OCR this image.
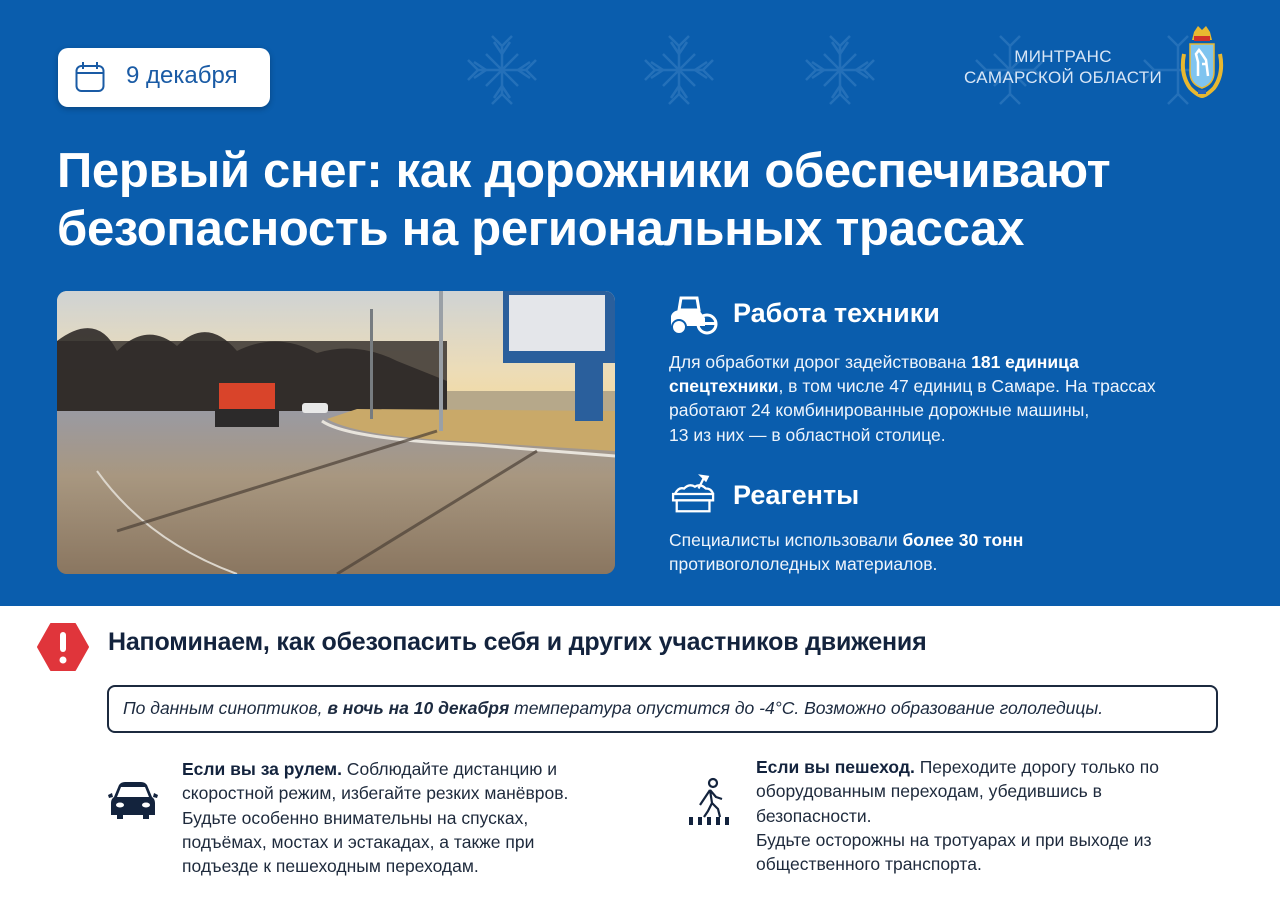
9 декабря
МИНТРАНС
САМАРСКОЙ ОБЛАСТИ
Первый снег: как дорожники обеспечивают
безопасность на региональных трассах
Работа техники
Для обработки дорог задействована 181 единица
спецтехники, в том числе 47 единиц в Самаре. На трассах
работают 24 комбинированные дорожные машины,
13 из них — в областной столице.
Реагенты
Специалисты использовали более 30 тонн
противогололедных материалов.
Напоминаем, как обезопасить себя и других участников движения
По данным синоптиков, в ночь на 10 декабря температура опустится до -4°С. Возможно образование гололедицы.
Если вы за рулем. Соблюдайте дистанцию и
скоростной режим, избегайте резких манёвров.
Будьте особенно внимательны на спусках,
подъёмах, мостах и эстакадах, а также при
подъезде к пешеходным переходам.
Если вы пешеход. Переходите дорогу только по
оборудованным переходам, убедившись в
безопасности.
Будьте осторожны на тротуарах и при выходе из
общественного транспорта.
